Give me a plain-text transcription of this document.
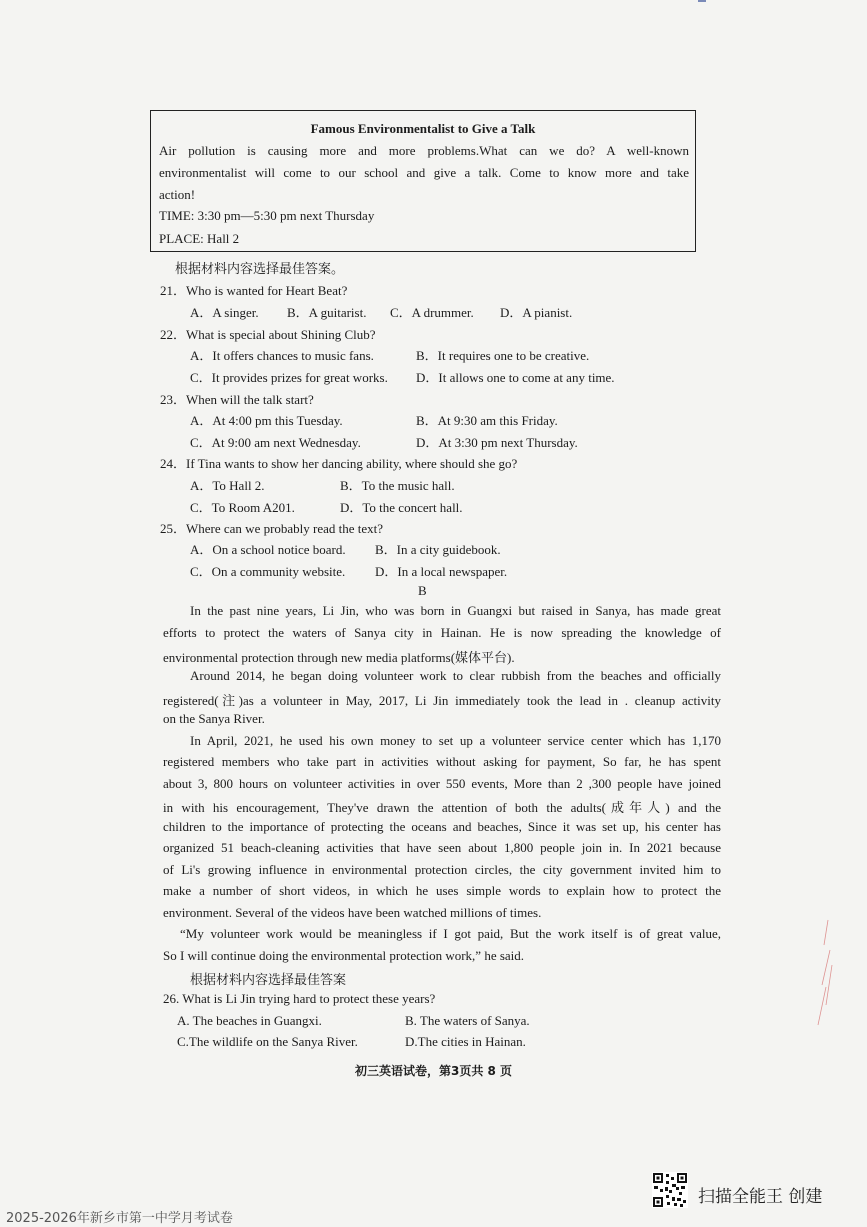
Famous Environmentalist to Give a Talk
Air pollution is causing more and more problems.What can we do? A well-known
environmentalist will come to our school and give a talk. Come to know more and take
action!
TIME: 3:30 pm—5:30 pm next Thursday
PLACE: Hall 2
根据材料内容选择最佳答案。
21．Who is wanted for Heart Beat?
A．A singer. B．A guitarist. C．A drummer. D．A pianist.
22．What is special about Shining Club?
A．It offers chances to music fans.	B．It requires one to be creative.
C．It provides prizes for great works. D．It allows one to come at any time.
23．When will the talk start?
A．At 4:00 pm this Tuesday.	B．At 9:30 am this Friday.
C．At 9:00 am next Wednesday.	D．At 3:30 pm next Thursday.
24．If Tina wants to show her dancing ability, where should she go?
A．To Hall 2.	B．To the music hall.
C．To Room A201.	D．To the concert hall.
25．Where can we probably read the text?
A．On a school notice board. B．In a city guidebook.
C．On a community website. D．In a local newspaper.
B
In the past nine years, Li Jin, who was born in Guangxi but raised in Sanya, has made great
efforts to protect the waters of Sanya city in Hainan. He is now spreading the knowledge of
environmental protection through new media platforms(媒体平台).
Around 2014, he began doing volunteer work to clear rubbish from the beaches and officially
registered(注)as a volunteer in May, 2017, Li Jin immediately took the lead in . cleanup activity
on the Sanya River.
In April, 2021, he used his own money to set up a volunteer service center which has 1,170
registered members who take part in activities without asking for payment, So far, he has spent
about 3, 800 hours on volunteer activities in over 550 events, More than 2 ,300 people have joined
in with his encouragement, They've drawn the attention of both the adults(成年人) and the
children to the importance of protecting the oceans and beaches, Since it was set up, his center has
organized 51 beach-cleaning activities that have seen about 1,800 people join in. In 2021 because
of Li's growing influence in environmental protection circles, the city government invited him to
make a number of short videos, in which he uses simple words to explain how to protect the
environment. Several of the videos have been watched millions of times.
“My volunteer work would be meaningless if I got paid, But the work itself is of great value,
So I will continue doing the environmental protection work,” he said.
根据材料内容选择最佳答案
26. What is Li Jin trying hard to protect these years?
A. The beaches in Guangxi.	B. The waters of Sanya.
C.The wildlife on the Sanya River.	D.The cities in Hainan.
初三英语试卷，第3页共 8 页
2025-2026年新乡市第一中学月考试卷
扫描全能王 创建
